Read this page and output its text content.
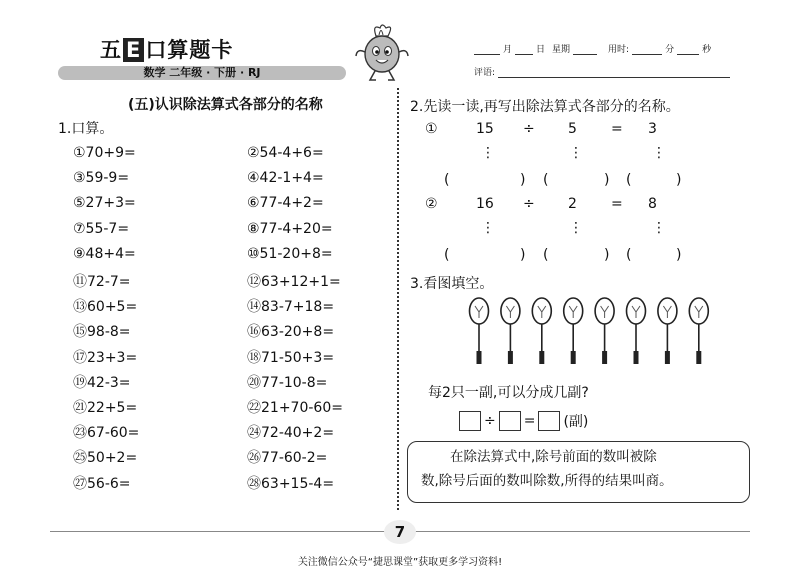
五 E 口算题卡
数学 二年级 · 下册 · RJ
月	日 星期	用时:	分	秒
评语:
(五)认识除法算式各部分的名称
1.口算。
①70+9=	②54-4+6=
③59-9=	④42-1+4=
⑤27+3=	⑥77-4+2=
⑦55-7=	⑧77-4+20=
⑨48+4=	⑩51-20+8=
⑪72-7=	⑫63+12+1=
⑬60+5=	⑭83-7+18=
⑮98-8=	⑯63-20+8=
⑰23+3=	⑱71-50+3=
⑲42-3=	⑳77-10-8=
㉑22+5=	㉒21+70-60=
㉓67-60=	㉔72-40+2=
㉕50+2=	㉖77-60-2=
㉗56-6=	㉘63+15-4=
2.先读一读,再写出除法算式各部分的名称。
①	15 ÷ 5 = 3
⋮	⋮	⋮
(	) (	) (	)
②	16 ÷ 2 = 8
⋮	⋮	⋮
(	) (	) (	)
3.看图填空。
每2只一副,可以分成几副?
÷ = (副)
在除法算式中,除号前面的数叫被除
数,除号后面的数叫除数,所得的结果叫商。
7
关注微信公众号“捷思课堂”获取更多学习资料!
